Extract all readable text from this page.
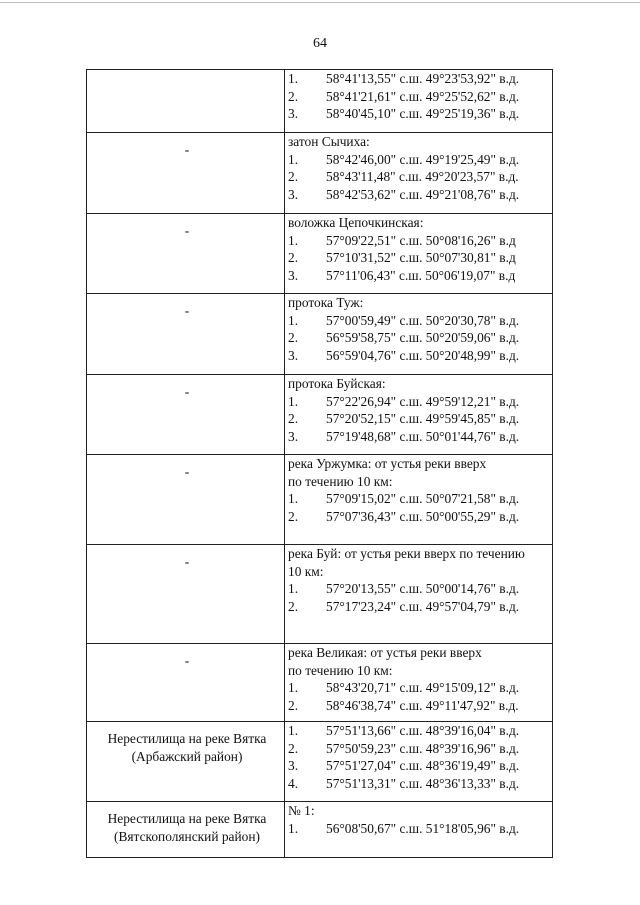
64

	1. 58°41'13,55" с.ш. 49°23'53,92" в.д.
2. 58°41'21,61" с.ш. 49°25'52,62" в.д.
3. 58°40'45,10" с.ш. 49°25'19,36" в.д.

-	затон Сычиха:
1. 58°42'46,00" с.ш. 49°19'25,49" в.д.
2. 58°43'11,48" с.ш. 49°20'23,57" в.д.
3. 58°42'53,62" с.ш. 49°21'08,76" в.д.

-	воложка Цепочкинская:
1. 57°09'22,51" с.ш. 50°08'16,26" в.д
2. 57°10'31,52" с.ш. 50°07'30,81" в.д
3. 57°11'06,43" с.ш. 50°06'19,07" в.д

-	протока Туж:
1. 57°00'59,49" с.ш. 50°20'30,78" в.д.
2. 56°59'58,75" с.ш. 50°20'59,06" в.д.
3. 56°59'04,76" с.ш. 50°20'48,99" в.д.

-	протока Буйская:
1. 57°22'26,94" с.ш. 49°59'12,21" в.д.
2. 57°20'52,15" с.ш. 49°59'45,85" в.д.
3. 57°19'48,68" с.ш. 50°01'44,76" в.д.

-	река Уржумка: от устья реки вверх
по течению 10 км:
1. 57°09'15,02" с.ш. 50°07'21,58" в.д.
2. 57°07'36,43" с.ш. 50°00'55,29" в.д.

-	река Буй: от устья реки вверх по течению
10 км:
1. 57°20'13,55" с.ш. 50°00'14,76" в.д.
2. 57°17'23,24" с.ш. 49°57'04,79" в.д.

-	река Великая: от устья реки вверх
по течению 10 км:
1. 58°43'20,71" с.ш. 49°15'09,12" в.д.
2. 58°46'38,74" с.ш. 49°11'47,92" в.д.

Нерестилища на реке Вятка (Арбажский район)	1. 57°51'13,66" с.ш. 48°39'16,04" в.д.
2. 57°50'59,23" с.ш. 48°39'16,96" в.д.
3. 57°51'27,04" с.ш. 48°36'19,49" в.д.
4. 57°51'13,31" с.ш. 48°36'13,33" в.д.

Нерестилища на реке Вятка (Вятскополянский район)	№ 1:
1. 56°08'50,67" с.ш. 51°18'05,96" в.д.
